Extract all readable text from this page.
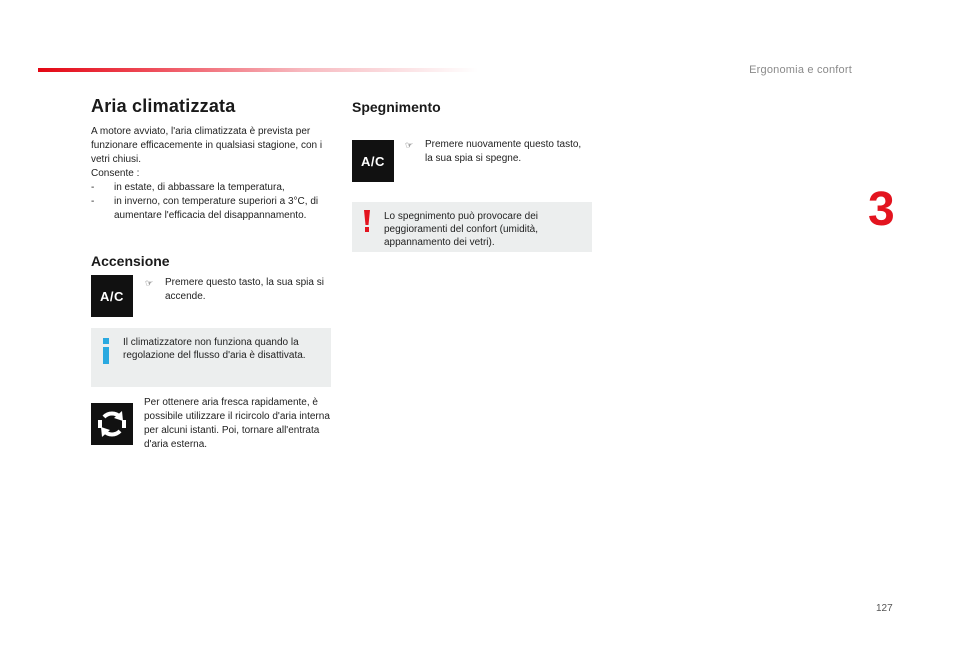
Ergonomia e confort
3
Aria climatizzata

A motore avviato, l'aria climatizzata è prevista per funzionare efficacemente in qualsiasi stagione, con i vetri chiusi.

Consente :

- in estate, di abbassare la temperatura,
- in inverno, con temperature superiori a 3°C, di aumentare l'efficacia del disappannamento.
Accensione
A/C
☞	Premere questo tasto, la sua spia si accende.
Il climatizzatore non funziona quando la regolazione del flusso d'aria è disattivata.
Per ottenere aria fresca rapidamente, è possibile utilizzare il ricircolo d'aria interna per alcuni istanti. Poi, tornare all'entrata d'aria esterna.
Spegnimento
A/C
☞	Premere nuovamente questo tasto, la sua spia si spegne.
Lo spegnimento può provocare dei peggioramenti del confort (umidità, appannamento dei vetri).
127
